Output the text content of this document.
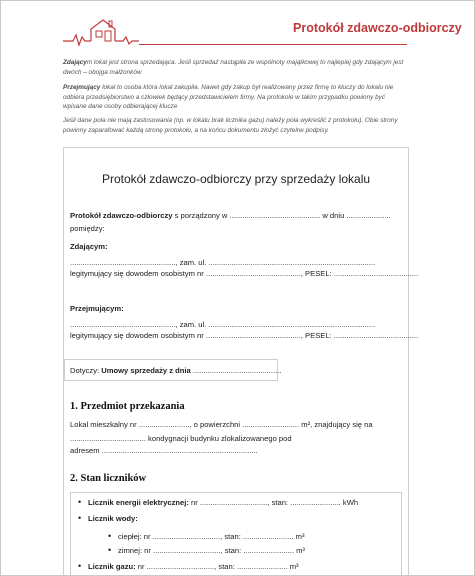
Protokół zdawczo-odbiorczy
Zdającym lokal jest strona sprzedająca. Jeśli sprzedaż nastąpiła ze wspólnoty majątkowej to najlepiej gdy zdającym jest dwóch – obojga małżonków
Przejmujący lokal to osoba która lokal zakupiła. Nawet gdy zakup był realizowany przez firmę to kluczy do lokalu nie odbiera przedsiębiorstwo a człowiek będący przedstawicielem firmy. Na protokole w takim przypadku powinny być wpisane dane osoby odbierającej klucze
Jeśli dane pola nie mają zastosowania (np. w lokalu brak licznika gazu) należy pola wykreślić z protokołu). Obie strony powinny zaparafować każdą stronę protokołu, a na końcu dokumentu złożyć czytelne podpisy.
Protokół zdawczo-odbiorczy przy sprzedaży lokalu
Protokół zdawczo-odbiorczy s porządzony w ........................................... w dniu .....................
pomiędzy:
Zdającym:
.................................................., zam. ul. ...............................................................................
legitymujący się dowodem osobistym nr ............................................., PESEL: ........................................
Przejmującym:
.................................................., zam. ul. ...............................................................................
legitymujący się dowodem osobistym nr ............................................., PESEL: ........................................
Dotyczy: Umowy sprzedaży z dnia ..........................................
1. Przedmiot przekazania
Lokal mieszkalny nr ........................, o powierzchni ........................... m², znajdujący się na
.................................... kondygnacji budynku zlokalizowanego pod
adresem ..........................................................................
2. Stan liczników
• Licznik energii elektrycznej: nr ................................, stan: ........................ kWh
• Licznik wody:
• ciepłej: nr ................................, stan: ........................ m³
• zimnej: nr ................................, stan: ........................ m³
• Licznik gazu: nr ................................, stan: ........................ m³
